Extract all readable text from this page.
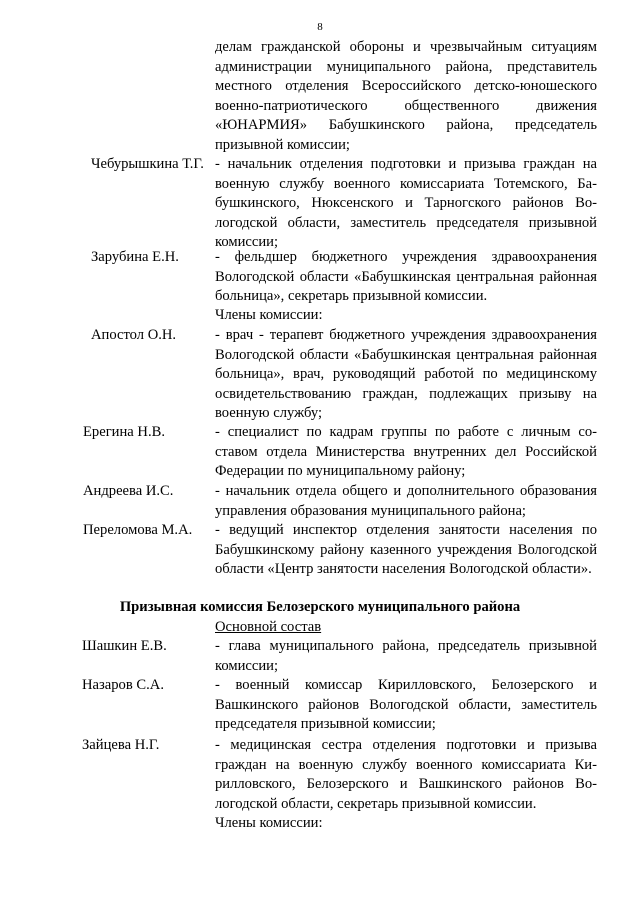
8
делам гражданской обороны и чрезвычайным ситуациям администрации муниципального района, представитель местного отделения Всероссийского детско-юношеского военно-патриотического общественного движения «ЮНАРМИЯ» Бабушкинского района, председатель призывной комиссии;
Чебурышкина Т.Г. - начальник отделения подготовки и призыва граждан на военную службу военного комиссариата Тотемского, Бабушкинского, Нюксенского и Тарногского районов Вологодской области, заместитель председателя призывной комиссии;
Зарубина Е.Н. - фельдшер бюджетного учреждения здравоохранения Вологодской области «Бабушкинская центральная районная больница», секретарь призывной комиссии.
Члены комиссии:
Апостол О.Н.	- врач - терапевт бюджетного учреждения здравоохранения Вологодской области «Бабушкинская центральная районная больница», врач, руководящий работой по медицинскому освидетельствованию граждан, подлежащих призыву на военную службу;
Ерегина Н.В.	- специалист по кадрам группы по работе с личным составом отдела Министерства внутренних дел Российской Федерации по муниципальному району;
Андреева И.С.	- начальник отдела общего и дополнительного образования управления образования муниципального района;
Переломова М.А. - ведущий инспектор отделения занятости населения по Бабушкинскому району казенного учреждения Вологодской области «Центр занятости населения Вологодской области».
Призывная комиссия Белозерского муниципального района
Основной состав
Шашкин Е.В.	- глава муниципального района, председатель призывной комиссии;
Назаров С.А.	- военный комиссар Кирилловского, Белозерского и Вашкинского районов Вологодской области, заместитель председателя призывной комиссии;
Зайцева Н.Г.	- медицинская сестра отделения подготовки и призыва граждан на военную службу военного комиссариата Кирилловского, Белозерского и Вашкинского районов Вологодской области, секретарь призывной комиссии.
Члены комиссии:
